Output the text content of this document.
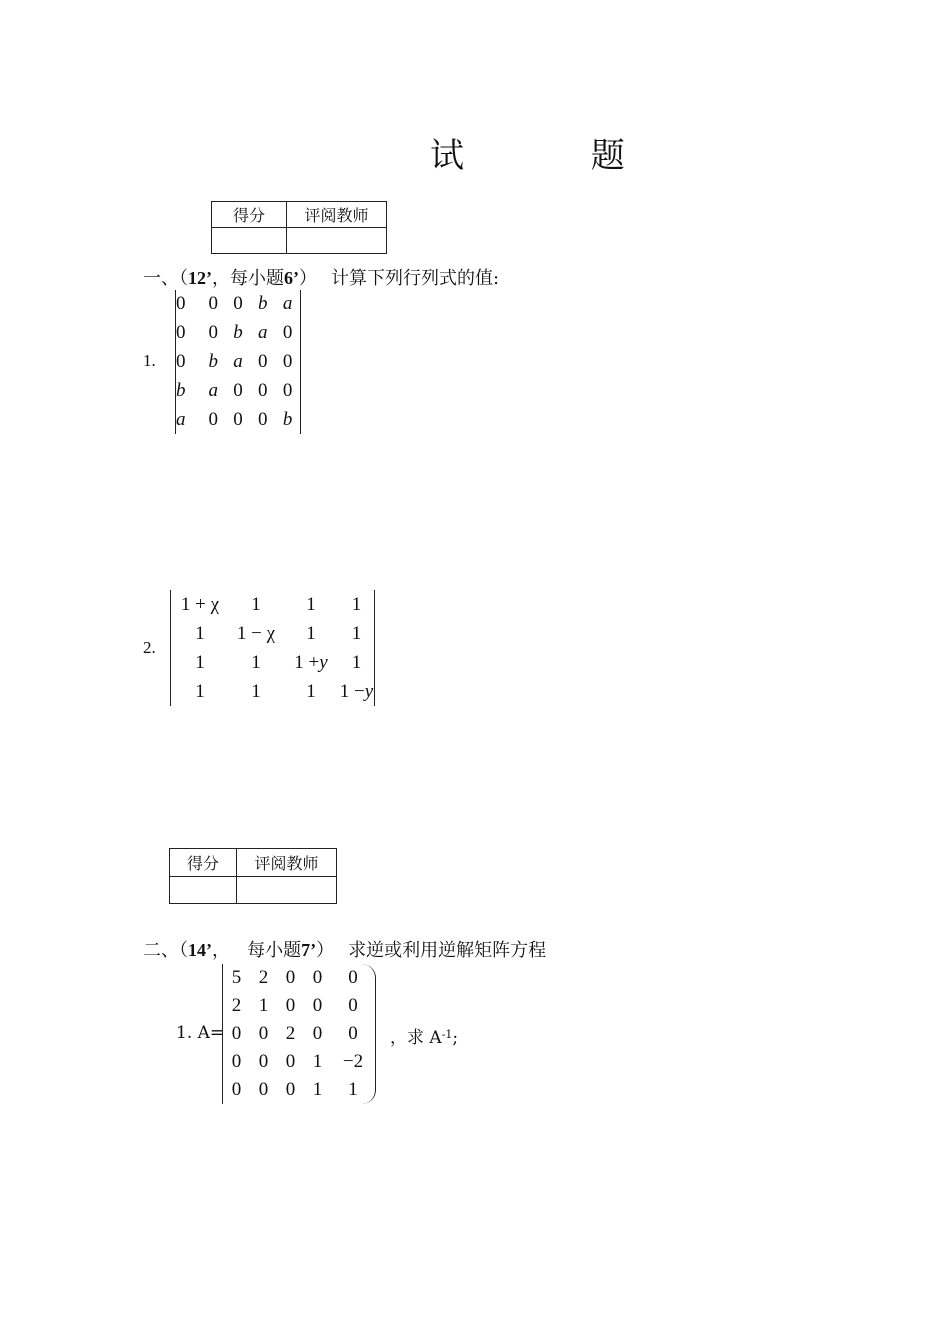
试 题
得分	评阅教师

一、（12’，每小题6’） 计算下列行列式的值:
1.
0	0 0 b a
0	0 b a 0
0	b a 0 0
b	a 0 0 0
a	0 0 0 b
2.
1 + χ	1	1	1
1	1 − χ	1	1
1	1	1 + y	1
1	1	1	1 − y
得分	评阅教师

二、（14’，   每小题7’） 求逆或利用逆解矩阵方程
1. A=
5 2 0 0	0
2 1 0 0	0
0 0 2 0	0
0 0 0 1	−2
0 0 0 1	1
，求 $A^{-1}$;
